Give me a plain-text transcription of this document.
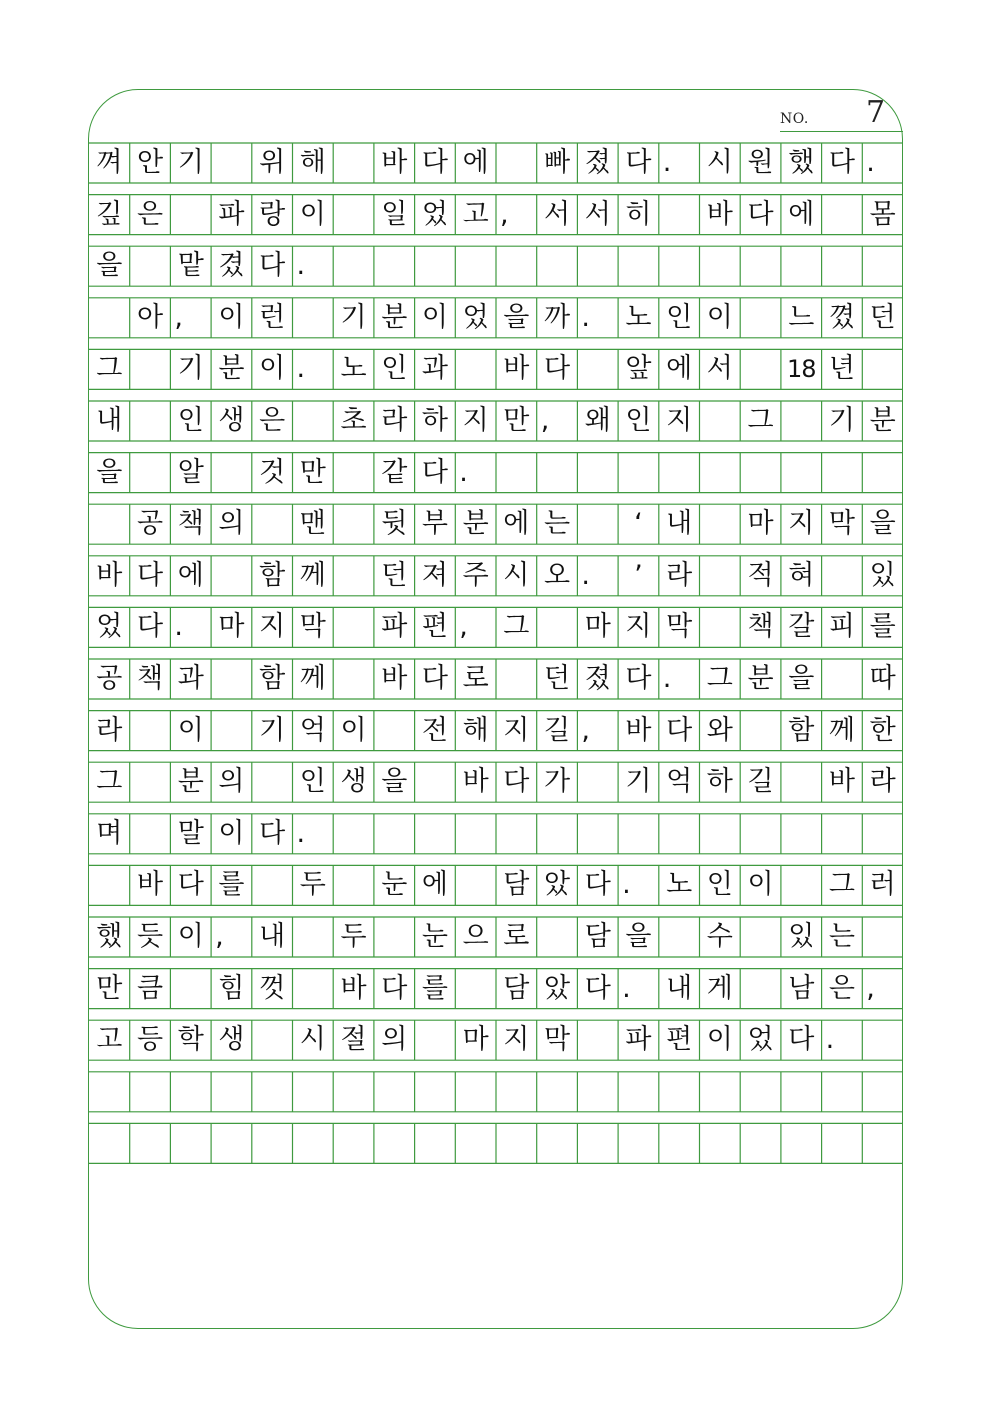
NO. 7
껴 안 기 위 해 바 다 에 빠 졌 다 .	시 원 했 다 .
깊 은 파 랑 이 일 었 고 ,	서 서 히 바 다 에 몸
을 맡 겼 다 .
아 ,	이 런 기 분 이 었 을 까 .	노 인 이 느 꼈 던
그 기 분 이 .	노 인 과 바 다 앞 에 서	18 년
내 인 생 은 초 라 하 지 만 ,	왜 인 지 그 기 분
을 알 것 만 같 다 .
공 책 의 맨 뒷 부 분 에 는	‘ 내 마 지 막 을
바 다 에 함 께 던 져 주 시 오 .	’ 라 적 혀 있
었 다 .	마 지 막 파 편 ,	그 마 지 막 책 갈 피 를
공 책 과 함 께 바 다 로 던 졌 다 .	그 분 을 따
라 이 기 억 이 전 해 지 길 ,	바 다 와 함 께 한
그 분 의 인 생 을 바 다 가 기 억 하 길 바 라
며 말 이 다 .
바 다 를 두 눈 에 담 았 다 .	노 인 이 그 러
했 듯 이 ,	내 두 눈 으 로 담 을 수 있 는
만 큼 힘 껏 바 다 를 담 았 다 .	내 게 남 은 ,
고 등 학 생 시 절 의 마 지 막 파 편 이 었 다 .
